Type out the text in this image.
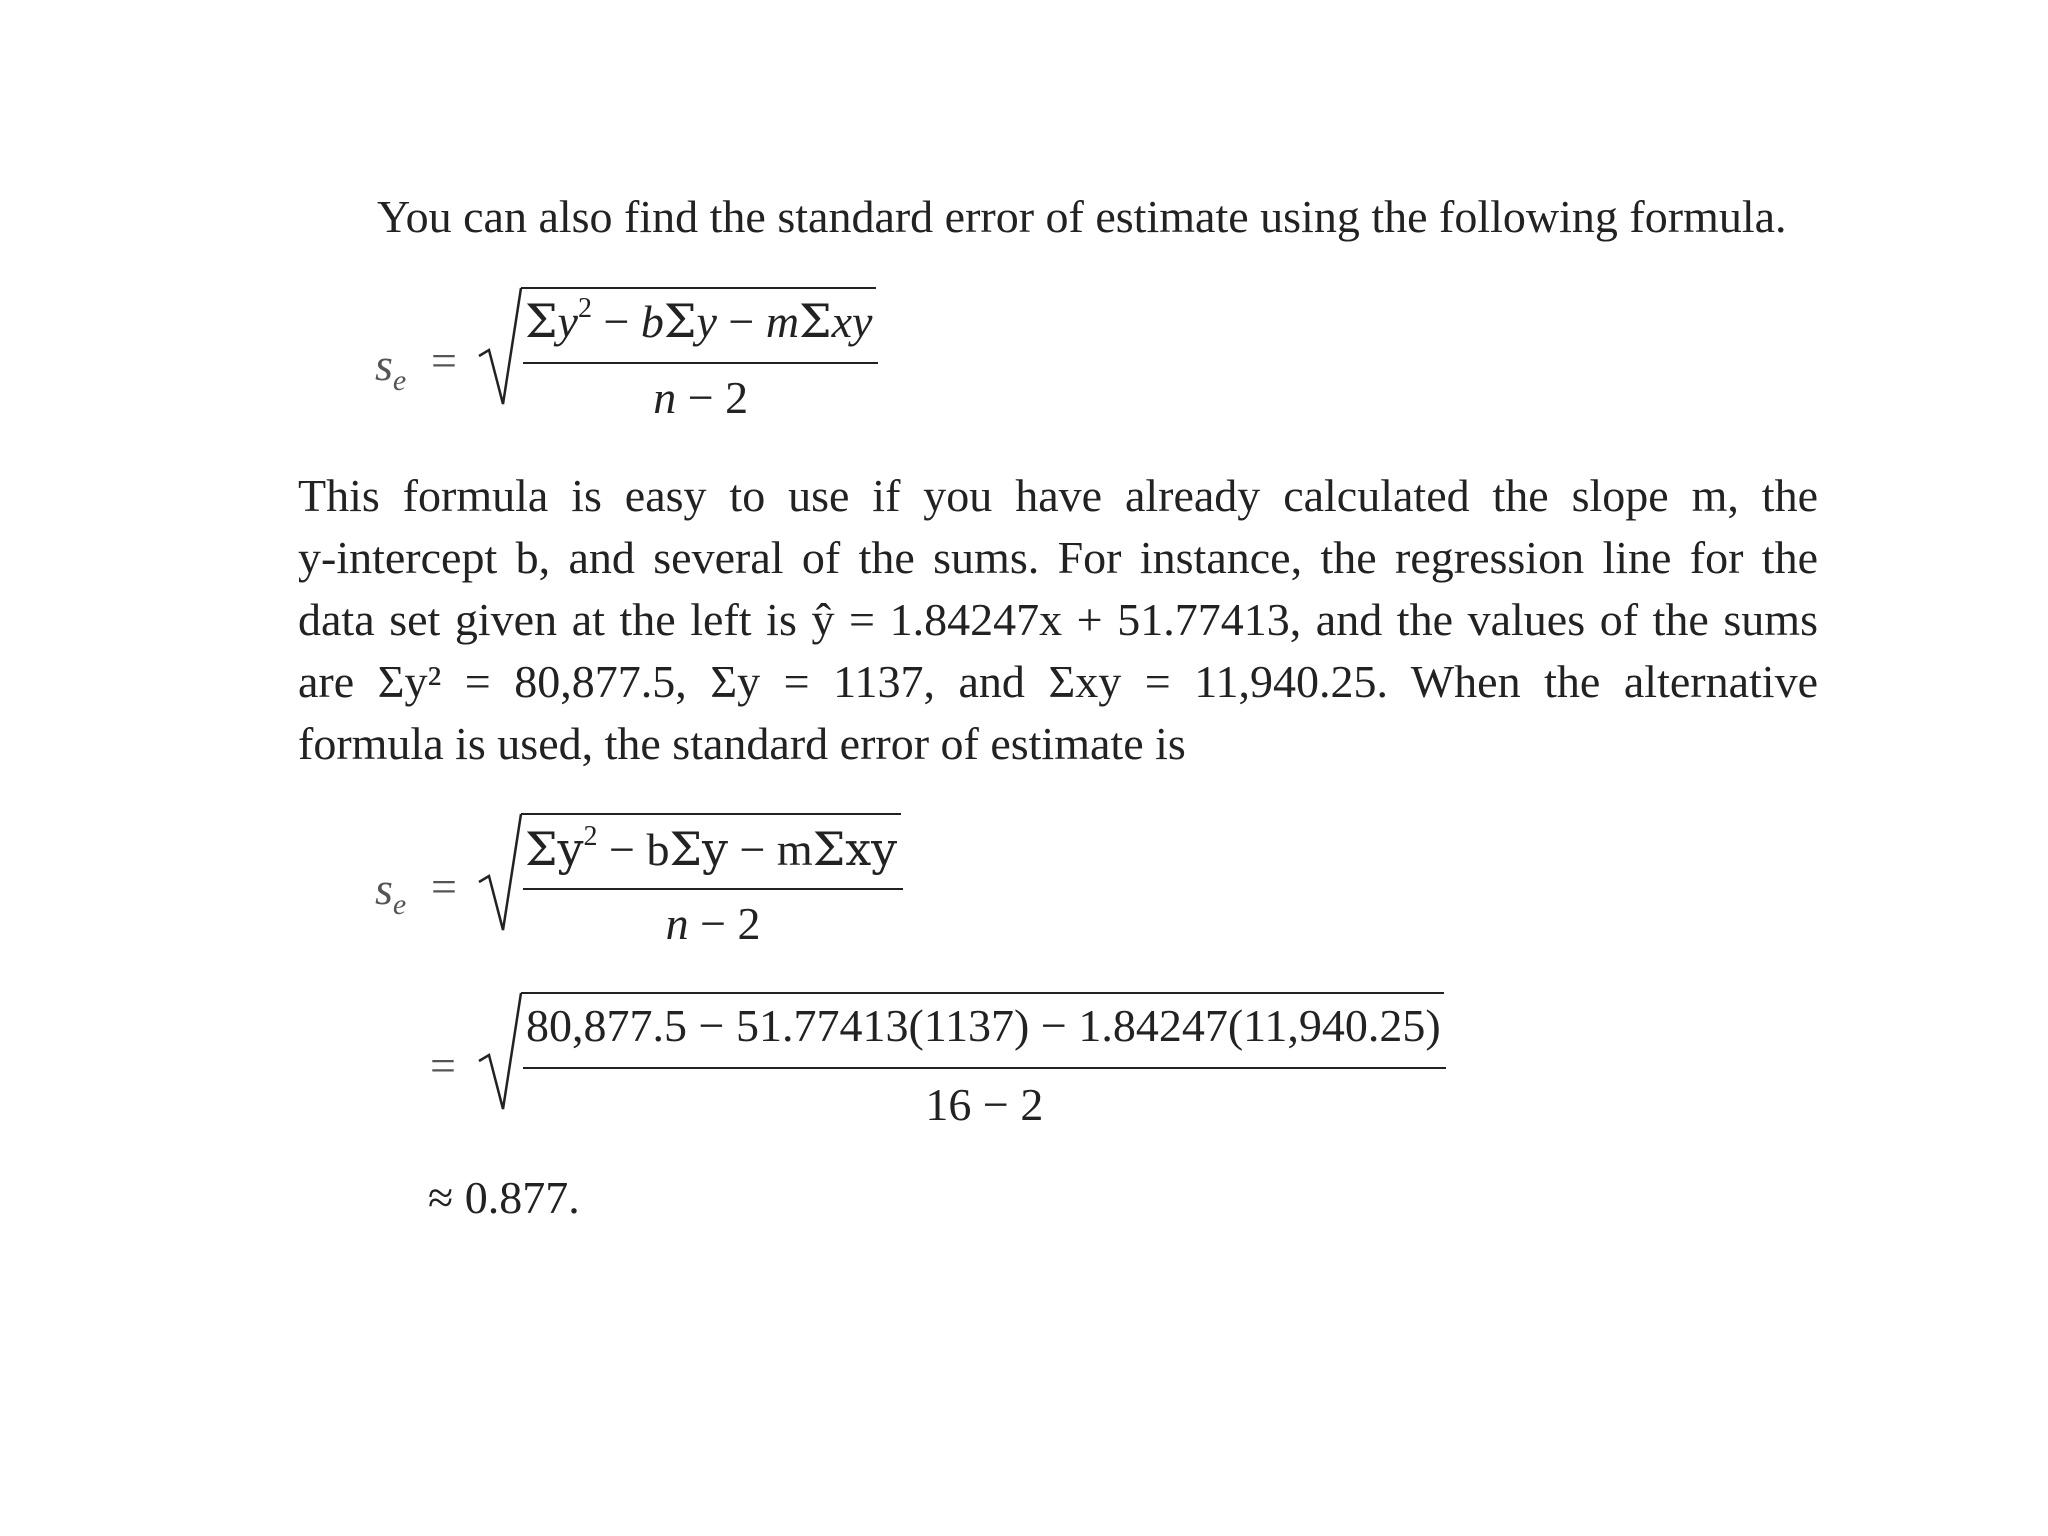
You can also find the standard error of estimate using the following formula.
$s_e$ =
$\Sigma y^2 - b\Sigma y - m\Sigma xy$
n − 2
This formula is easy to use if you have already calculated the slope m, the
y-intercept b, and several of the sums. For instance, the regression line for the
data set given at the left is ŷ = 1.84247x + 51.77413, and the values of the sums
are Σy² = 80,877.5, Σy = 1137, and Σxy = 11,940.25. When the alternative
formula is used, the standard error of estimate is
$s_e$ =
$\Sigma y^2 - b\Sigma y - m\Sigma xy$
n − 2
=
80,877.5 − 51.77413(1137) − 1.84247(11,940.25)
16 − 2
≈ 0.877.
